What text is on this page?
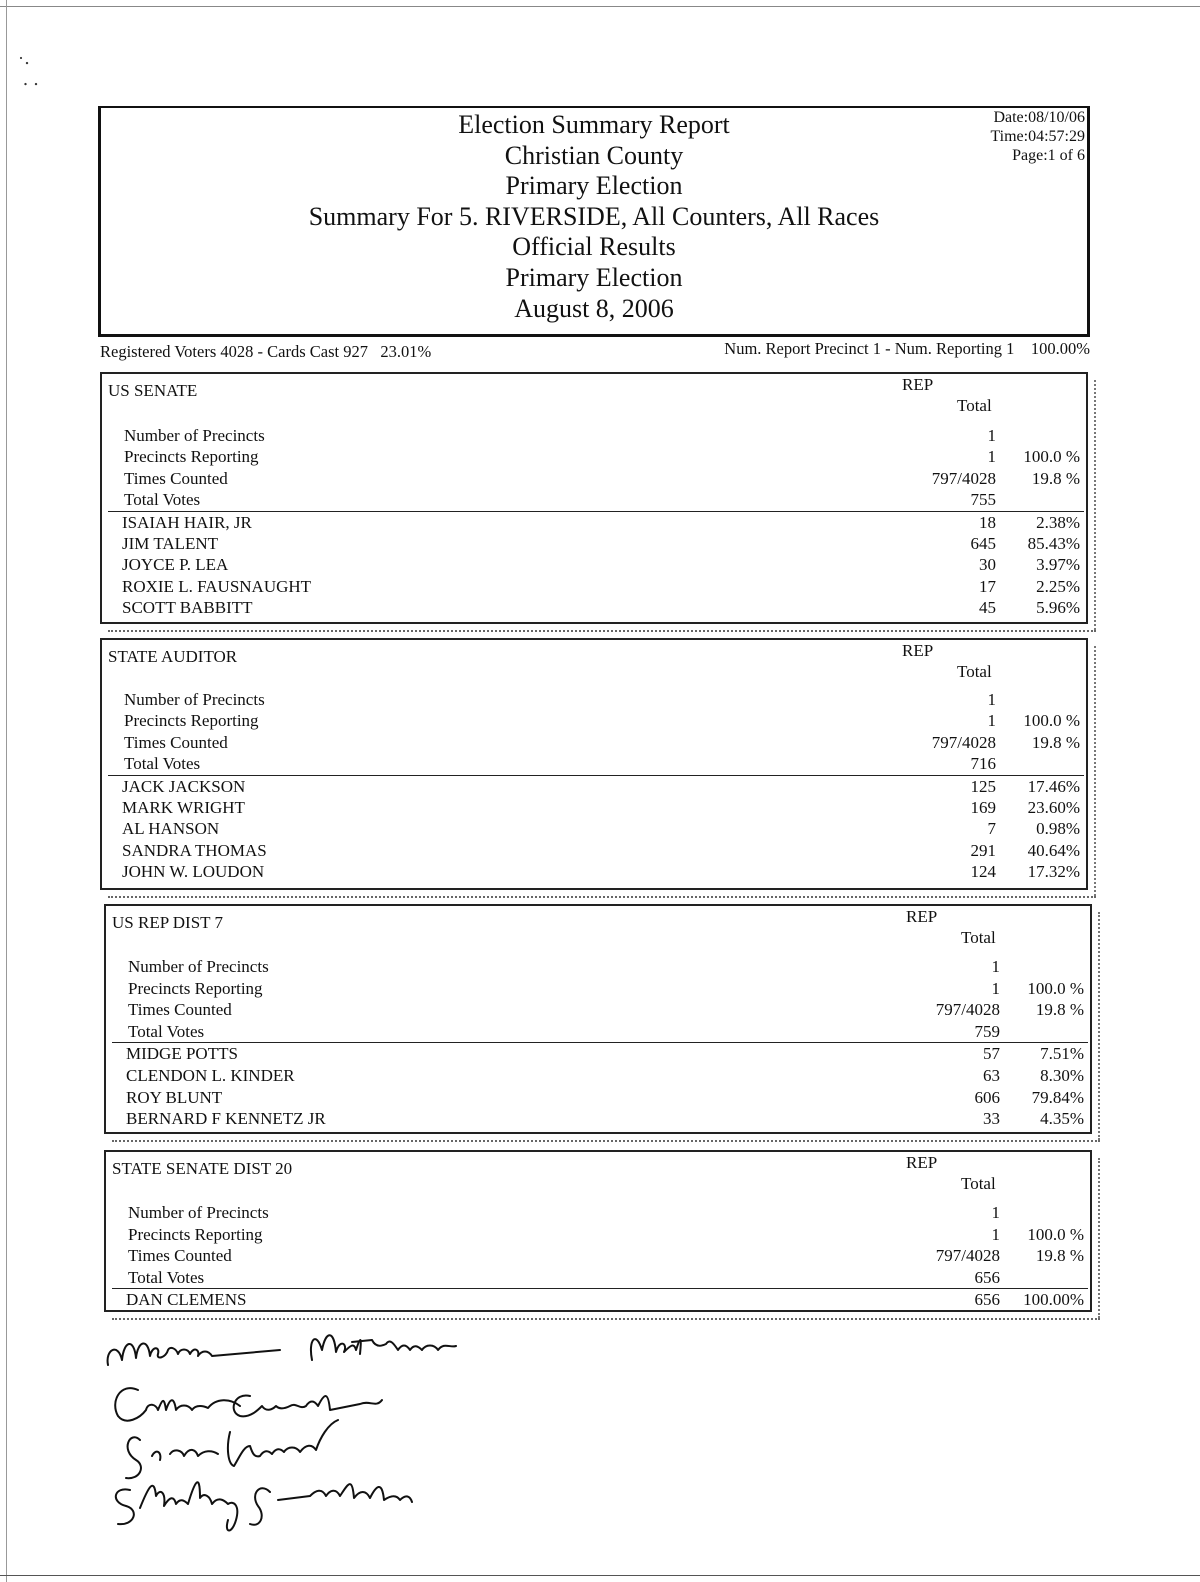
·․
․ ․
Election Summary Report
Christian County
Primary Election
Summary For 5. RIVERSIDE, All Counters, All Races
Official Results
Primary Election
August 8, 2006
Date:08/10/06
Time:04:57:29
Page:1 of 6
Registered Voters 4028 - Cards Cast 927 23.01%	Num. Report Precinct 1 - Num. Reporting 1 100.00%
US SENATE	REP
Total
Number of Precincts	1
Precincts Reporting	1 100.0 %
Times Counted	797/4028 19.8 %
Total Votes	755
ISAIAH HAIR, JR	18 2.38%
JIM TALENT	645 85.43%
JOYCE P. LEA	30 3.97%
ROXIE L. FAUSNAUGHT	17 2.25%
SCOTT BABBITT	45 5.96%
STATE AUDITOR	REP
Total
Number of Precincts	1
Precincts Reporting	1 100.0 %
Times Counted	797/4028 19.8 %
Total Votes	716
JACK JACKSON	125 17.46%
MARK WRIGHT	169 23.60%
AL HANSON	7 0.98%
SANDRA THOMAS	291 40.64%
JOHN W. LOUDON	124 17.32%
US REP DIST 7	REP
Total
Number of Precincts	1
Precincts Reporting	1 100.0 %
Times Counted	797/4028 19.8 %
Total Votes	759
MIDGE POTTS	57 7.51%
CLENDON L. KINDER	63 8.30%
ROY BLUNT	606 79.84%
BERNARD F KENNETZ JR	33 4.35%
STATE SENATE DIST 20	REP
Total
Number of Precincts	1
Precincts Reporting	1 100.0 %
Times Counted	797/4028 19.8 %
Total Votes	656
DAN CLEMENS	656 100.00%
